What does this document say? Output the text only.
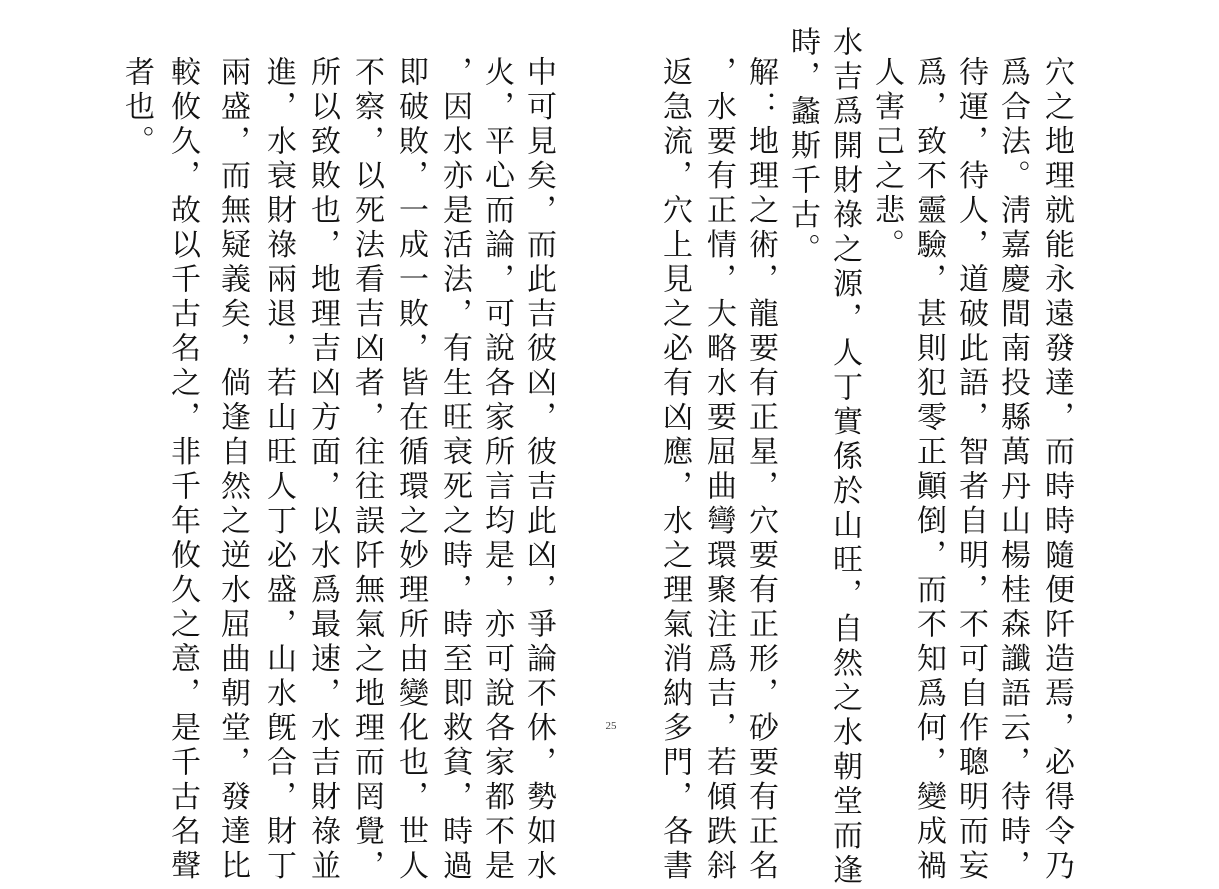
穴之地理就能永遠發達，而時時隨便阡造焉，必得令乃

爲合法。淸嘉慶間南投縣萬丹山楊桂森讖語云，待時，

待運，待人，道破此語，智者自明，不可自作聰明而妄

爲，致不靈驗，甚則犯零正顚倒，而不知爲何，變成禍

人害己之悲。

水吉爲開財祿之源，人丁實係於山旺，自然之水朝堂而逢

時，蠡斯千古。

解：地理之術，龍要有正星，穴要有正形，砂要有正名

，水要有正情，大略水要屈曲彎環聚注爲吉，若傾跌斜

返急流，穴上見之必有凶應，水之理氣消納多門，各書

中可見矣，而此吉彼凶，彼吉此凶，爭論不休，勢如水

火，平心而論，可說各家所言均是，亦可說各家都不是

，因水亦是活法，有生旺衰死之時，時至即救貧，時過

即破敗，一成一敗，皆在循環之妙理所由變化也，世人

不察，以死法看吉凶者，往往誤阡無氣之地理而罔覺，

所以致敗也，地理吉凶方面，以水爲最速，水吉財祿並

進，水衰財祿兩退，若山旺人丁必盛，山水旣合，財丁

兩盛，而無疑義矣，倘逢自然之逆水屈曲朝堂，發達比

較攸久，故以千古名之，非千年攸久之意，是千古名聲

者也。

25
